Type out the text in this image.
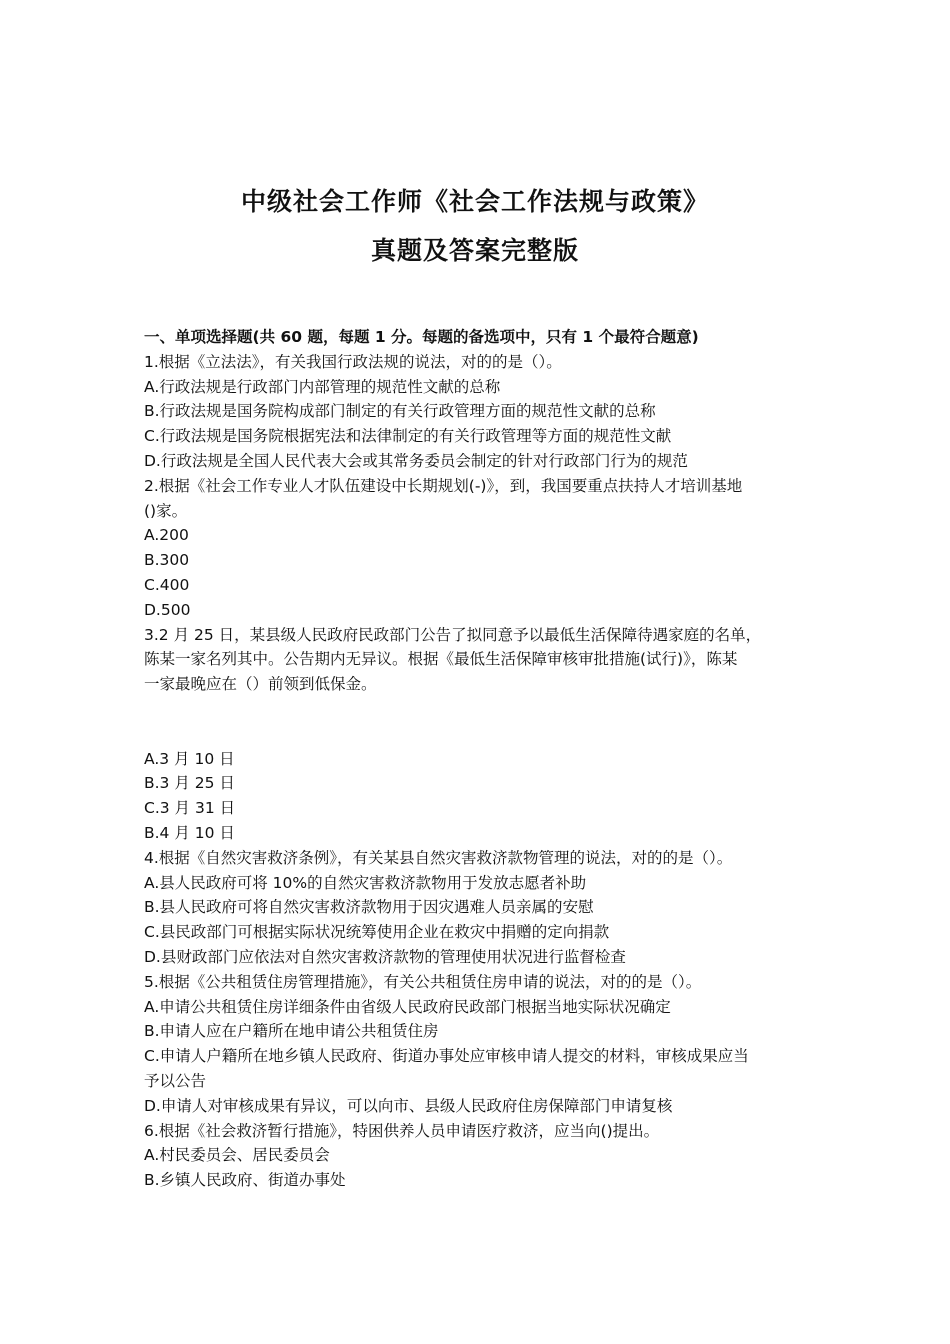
中级社会工作师《社会工作法规与政策》
真题及答案完整版
一、单项选择题(共 60 题，每题 1 分。每题的备选项中，只有 1 个最符合题意)
1.根据《立法法》，有关我国行政法规的说法，对的的是（）。
A.行政法规是行政部门内部管理的规范性文献的总称
B.行政法规是国务院构成部门制定的有关行政管理方面的规范性文献的总称
C.行政法规是国务院根据宪法和法律制定的有关行政管理等方面的规范性文献
D.行政法规是全国人民代表大会或其常务委员会制定的针对行政部门行为的规范
2.根据《社会工作专业人才队伍建设中长期规划(-)》，到，我国要重点扶持人才培训基地
()家。
A.200
B.300
C.400
D.500
3.2 月 25 日，某县级人民政府民政部门公告了拟同意予以最低生活保障待遇家庭的名单，
陈某一家名列其中。公告期内无异议。根据《最低生活保障审核审批措施(试行)》，陈某
一家最晚应在（）前领到低保金。
A.3 月 10 日
B.3 月 25 日
C.3 月 31 日
B.4 月 10 日
4.根据《自然灾害救济条例》，有关某县自然灾害救济款物管理的说法，对的的是（）。
A.县人民政府可将 10%的自然灾害救济款物用于发放志愿者补助
B.县人民政府可将自然灾害救济款物用于因灾遇难人员亲属的安慰
C.县民政部门可根据实际状况统筹使用企业在救灾中捐赠的定向捐款
D.县财政部门应依法对自然灾害救济款物的管理使用状况进行监督检查
5.根据《公共租赁住房管理措施》，有关公共租赁住房申请的说法，对的的是（）。
A.申请公共租赁住房详细条件由省级人民政府民政部门根据当地实际状况确定
B.申请人应在户籍所在地申请公共租赁住房
C.申请人户籍所在地乡镇人民政府、街道办事处应审核申请人提交的材料，审核成果应当
予以公告
D.申请人对审核成果有异议，可以向市、县级人民政府住房保障部门申请复核
6.根据《社会救济暂行措施》，特困供养人员申请医疗救济，应当向()提出。
A.村民委员会、居民委员会
B.乡镇人民政府、街道办事处
